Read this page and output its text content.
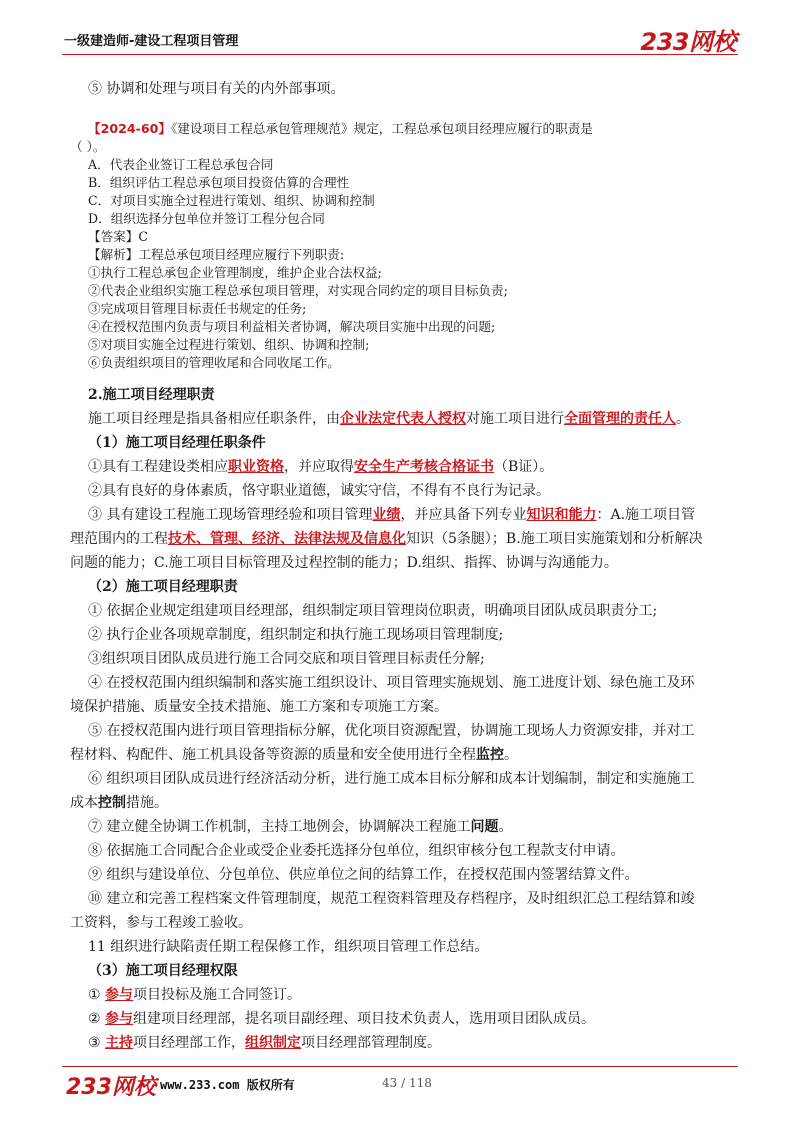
一级建造师-建设工程项目管理	233网校
⑤ 协调和处理与项目有关的内外部事项。
【2024-60】《建设项目工程总承包管理规范》规定，工程总承包项目经理应履行的职责是
（ ）。
A．代表企业签订工程总承包合同
B．组织评估工程总承包项目投资估算的合理性
C．对项目实施全过程进行策划、组织、协调和控制
D．组织选择分包单位并签订工程分包合同
【答案】C
【解析】工程总承包项目经理应履行下列职责:
①执行工程总承包企业管理制度，维护企业合法权益;
②代表企业组织实施工程总承包项目管理，对实现合同约定的项目目标负责;
③完成项目管理目标责任书规定的任务;
④在授权范围内负责与项目利益相关者协调，解决项目实施中出现的问题;
⑤对项目实施全过程进行策划、组织、协调和控制;
⑥负责组织项目的管理收尾和合同收尾工作。
2.施工项目经理职责
施工项目经理是指具备相应任职条件，由企业法定代表人授权对施工项目进行全面管理的责任人。
（1）施工项目经理任职条件
①具有工程建设类相应职业资格，并应取得安全生产考核合格证书（B证）。
②具有良好的身体素质，恪守职业道德，诚实守信，不得有不良行为记录。
③ 具有建设工程施工现场管理经验和项目管理业绩，并应具备下列专业知识和能力：A.施工项目管
理范围内的工程技术、管理、经济、法律法规及信息化知识（5条腿）；B.施工项目实施策划和分析解决
问题的能力；C.施工项目目标管理及过程控制的能力；D.组织、指挥、协调与沟通能力。
（2）施工项目经理职责
① 依据企业规定组建项目经理部，组织制定项目管理岗位职责，明确项目团队成员职责分工;
② 执行企业各项规章制度，组织制定和执行施工现场项目管理制度;
③组织项目团队成员进行施工合同交底和项目管理目标责任分解;
④ 在授权范围内组织编制和落实施工组织设计、项目管理实施规划、施工进度计划、绿色施工及环
境保护措施、质量安全技术措施、施工方案和专项施工方案。
⑤ 在授权范围内进行项目管理指标分解，优化项目资源配置，协调施工现场人力资源安排，并对工
程材料、构配件、施工机具设备等资源的质量和安全使用进行全程监控。
⑥ 组织项目团队成员进行经济活动分析，进行施工成本目标分解和成本计划编制，制定和实施施工
成本控制措施。
⑦ 建立健全协调工作机制，主持工地例会，协调解决工程施工问题。
⑧ 依据施工合同配合企业或受企业委托选择分包单位，组织审核分包工程款支付申请。
⑨ 组织与建设单位、分包单位、供应单位之间的结算工作，在授权范围内签署结算文件。
⑩ 建立和完善工程档案文件管理制度，规范工程资料管理及存档程序，及时组织汇总工程结算和竣
工资料，参与工程竣工验收。
11 组织进行缺陷责任期工程保修工作，组织项目管理工作总结。
（3）施工项目经理权限
① 参与项目投标及施工合同签订。
② 参与组建项目经理部，提名项目副经理、项目技术负责人，选用项目团队成员。
③ 主持项目经理部工作，组织制定项目经理部管理制度。
233网校 www.233.com 版权所有	43 / 118
